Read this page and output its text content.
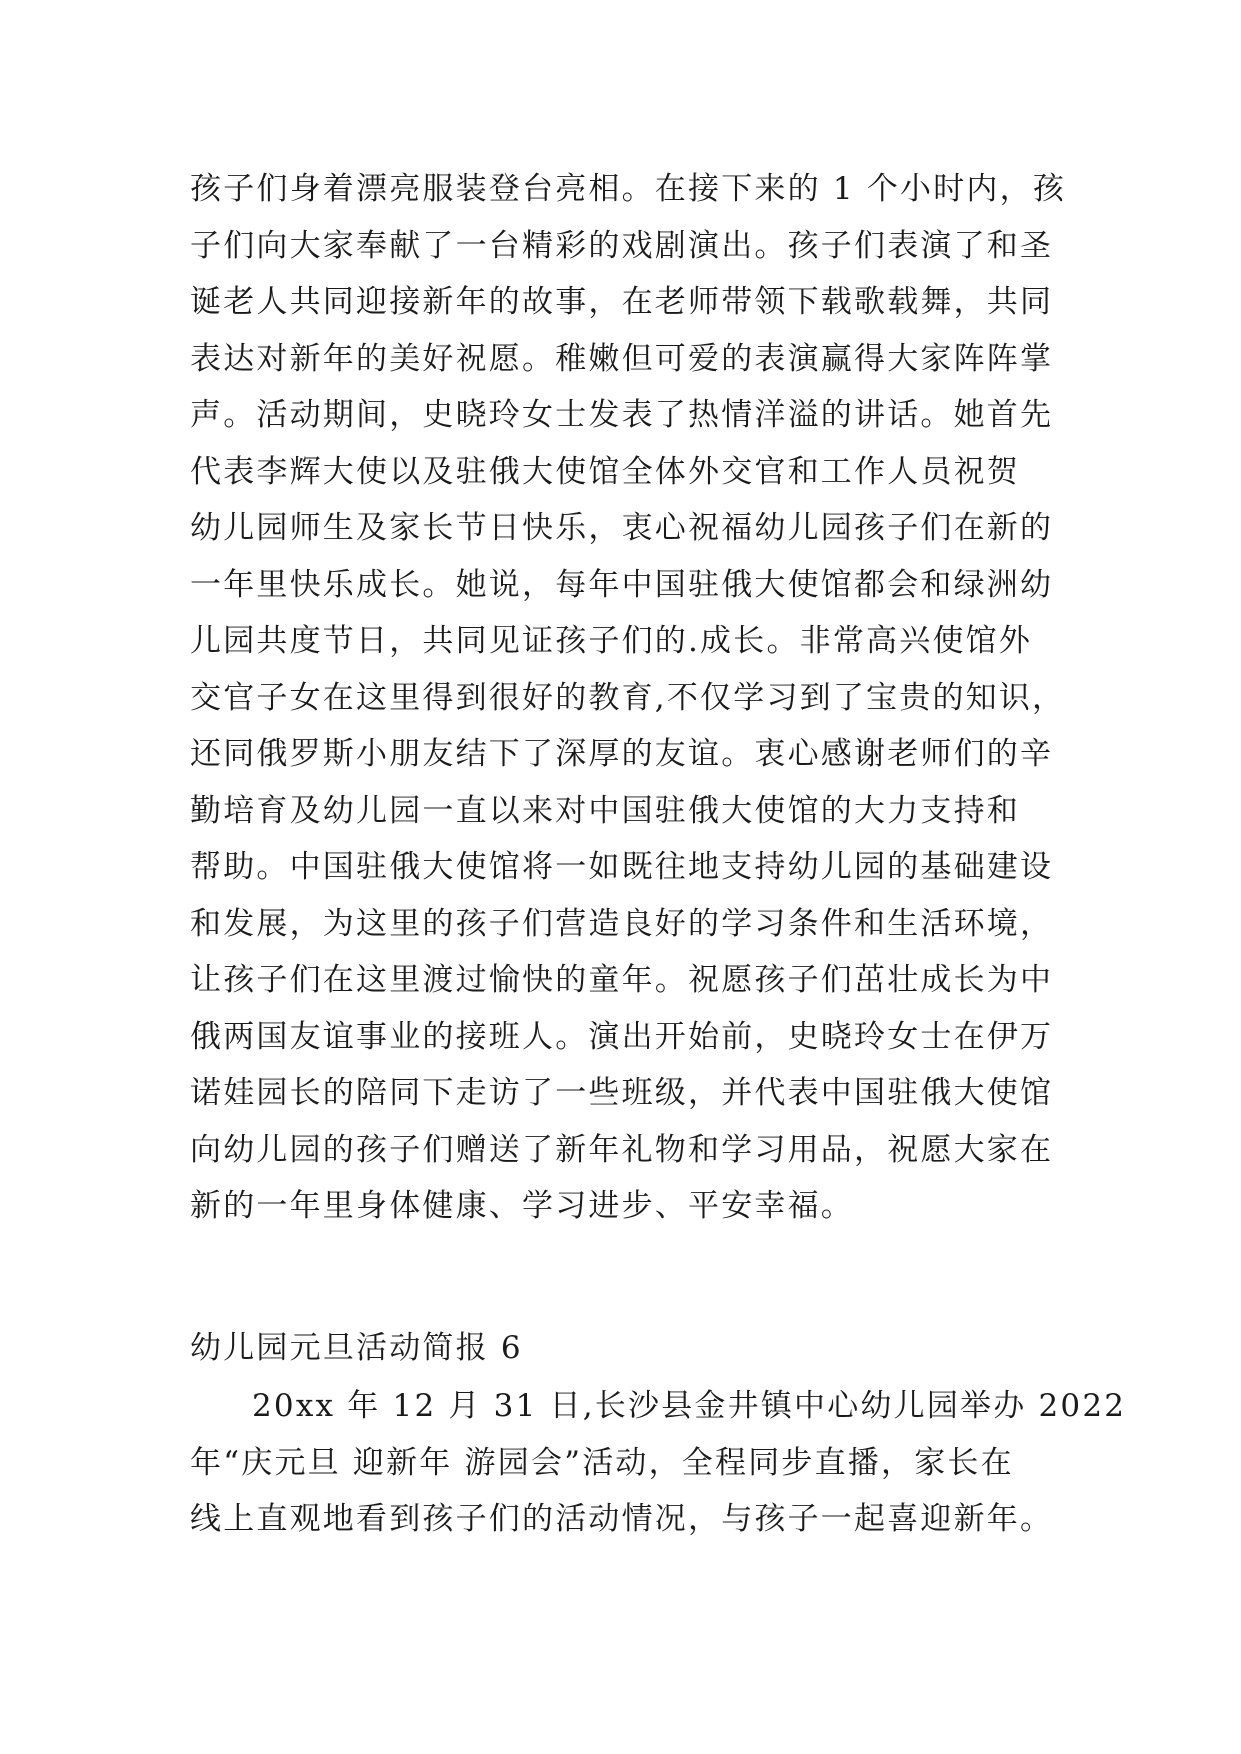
孩子们身着漂亮服装登台亮相。在接下来的 1 个小时内，孩
子们向大家奉献了一台精彩的戏剧演出。孩子们表演了和圣
诞老人共同迎接新年的故事，在老师带领下载歌载舞，共同
表达对新年的美好祝愿。稚嫩但可爱的表演赢得大家阵阵掌
声。活动期间，史晓玲女士发表了热情洋溢的讲话。她首先
代表李辉大使以及驻俄大使馆全体外交官和工作人员祝贺
幼儿园师生及家长节日快乐，衷心祝福幼儿园孩子们在新的
一年里快乐成长。她说，每年中国驻俄大使馆都会和绿洲幼
儿园共度节日，共同见证孩子们的.成长。非常高兴使馆外
交官子女在这里得到很好的教育,不仅学习到了宝贵的知识，
还同俄罗斯小朋友结下了深厚的友谊。衷心感谢老师们的辛
勤培育及幼儿园一直以来对中国驻俄大使馆的大力支持和
帮助。中国驻俄大使馆将一如既往地支持幼儿园的基础建设
和发展，为这里的孩子们营造良好的学习条件和生活环境，
让孩子们在这里渡过愉快的童年。祝愿孩子们茁壮成长为中
俄两国友谊事业的接班人。演出开始前，史晓玲女士在伊万
诺娃园长的陪同下走访了一些班级，并代表中国驻俄大使馆
向幼儿园的孩子们赠送了新年礼物和学习用品，祝愿大家在
新的一年里身体健康、学习进步、平安幸福。
幼儿园元旦活动简报 6
20xx 年 12 月 31 日,长沙县金井镇中心幼儿园举办 2022
年“庆元旦 迎新年 游园会”活动，全程同步直播，家长在
线上直观地看到孩子们的活动情况，与孩子一起喜迎新年。
